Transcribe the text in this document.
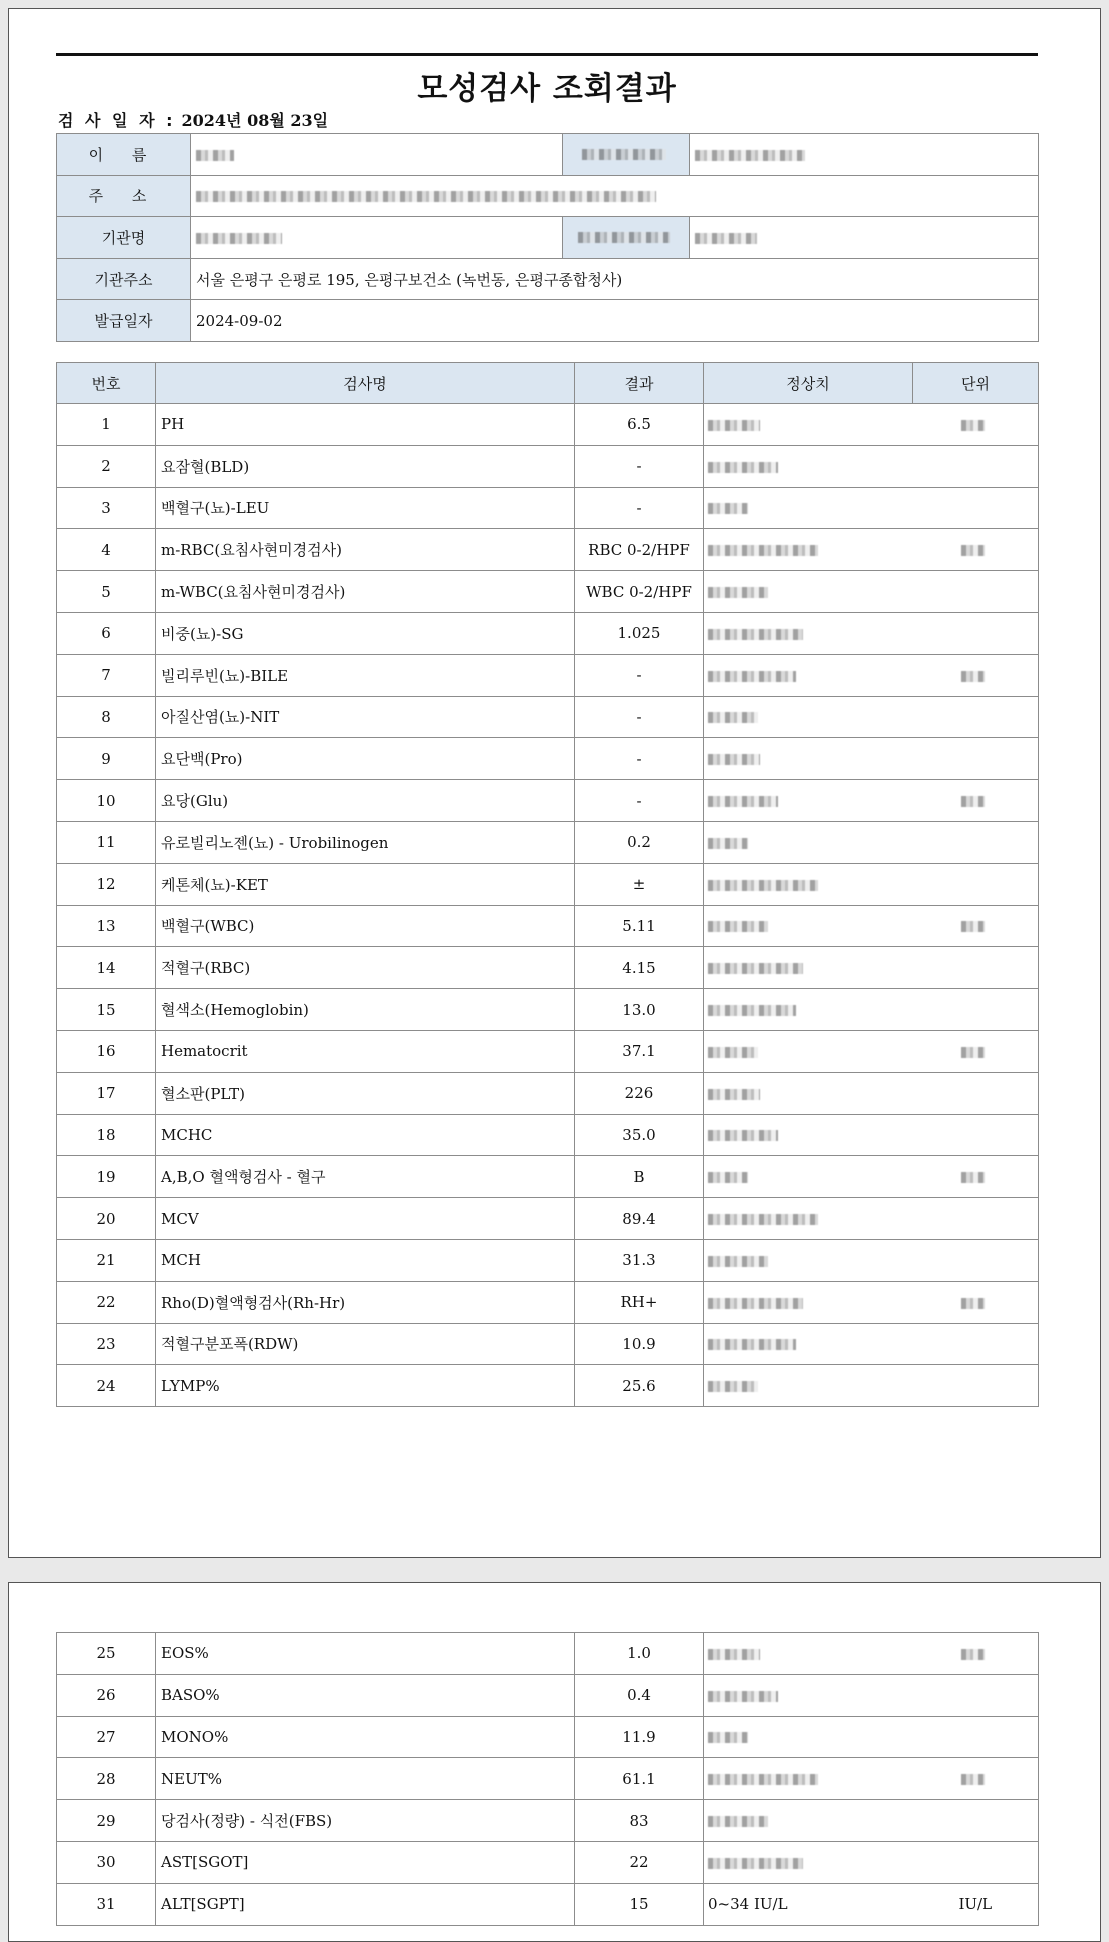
모성검사 조회결과
검 사 일 자 : 2024년 08월 23일
이 름			
주 소			
기관명			
기관주소	서울 은평구 은평로 195, 은평구보건소 (녹번동, 은평구종합청사)		
발급일자	2024-09-02		
번호	검사명	결과	정상치	단위
1	PH	6.5		
2	요잠혈(BLD)	-		
3	백혈구(뇨)-LEU	-		
4	m-RBC(요침사현미경검사)	RBC 0-2/HPF		
5	m-WBC(요침사현미경검사)	WBC 0-2/HPF		
6	비중(뇨)-SG	1.025		
7	빌리루빈(뇨)-BILE	-		
8	아질산염(뇨)-NIT	-		
9	요단백(Pro)	-		
10	요당(Glu)	-		
11	유로빌리노젠(뇨) - Urobilinogen	0.2		
12	케톤체(뇨)-KET	±		
13	백혈구(WBC)	5.11		
14	적혈구(RBC)	4.15		
15	혈색소(Hemoglobin)	13.0		
16	Hematocrit	37.1		
17	혈소판(PLT)	226		
18	MCHC	35.0		
19	A,B,O 혈액형검사 - 혈구	B		
20	MCV	89.4		
21	MCH	31.3		
22	Rho(D)혈액형검사(Rh-Hr)	RH+		
23	적혈구분포폭(RDW)	10.9		
24	LYMP%	25.6		
25	EOS%	1.0		
26	BASO%	0.4		
27	MONO%	11.9		
28	NEUT%	61.1		
29	당검사(정량) - 식전(FBS)	83		
30	AST[SGOT]	22		
31	ALT[SGPT]	15	0~34 IU/L	IU/L
